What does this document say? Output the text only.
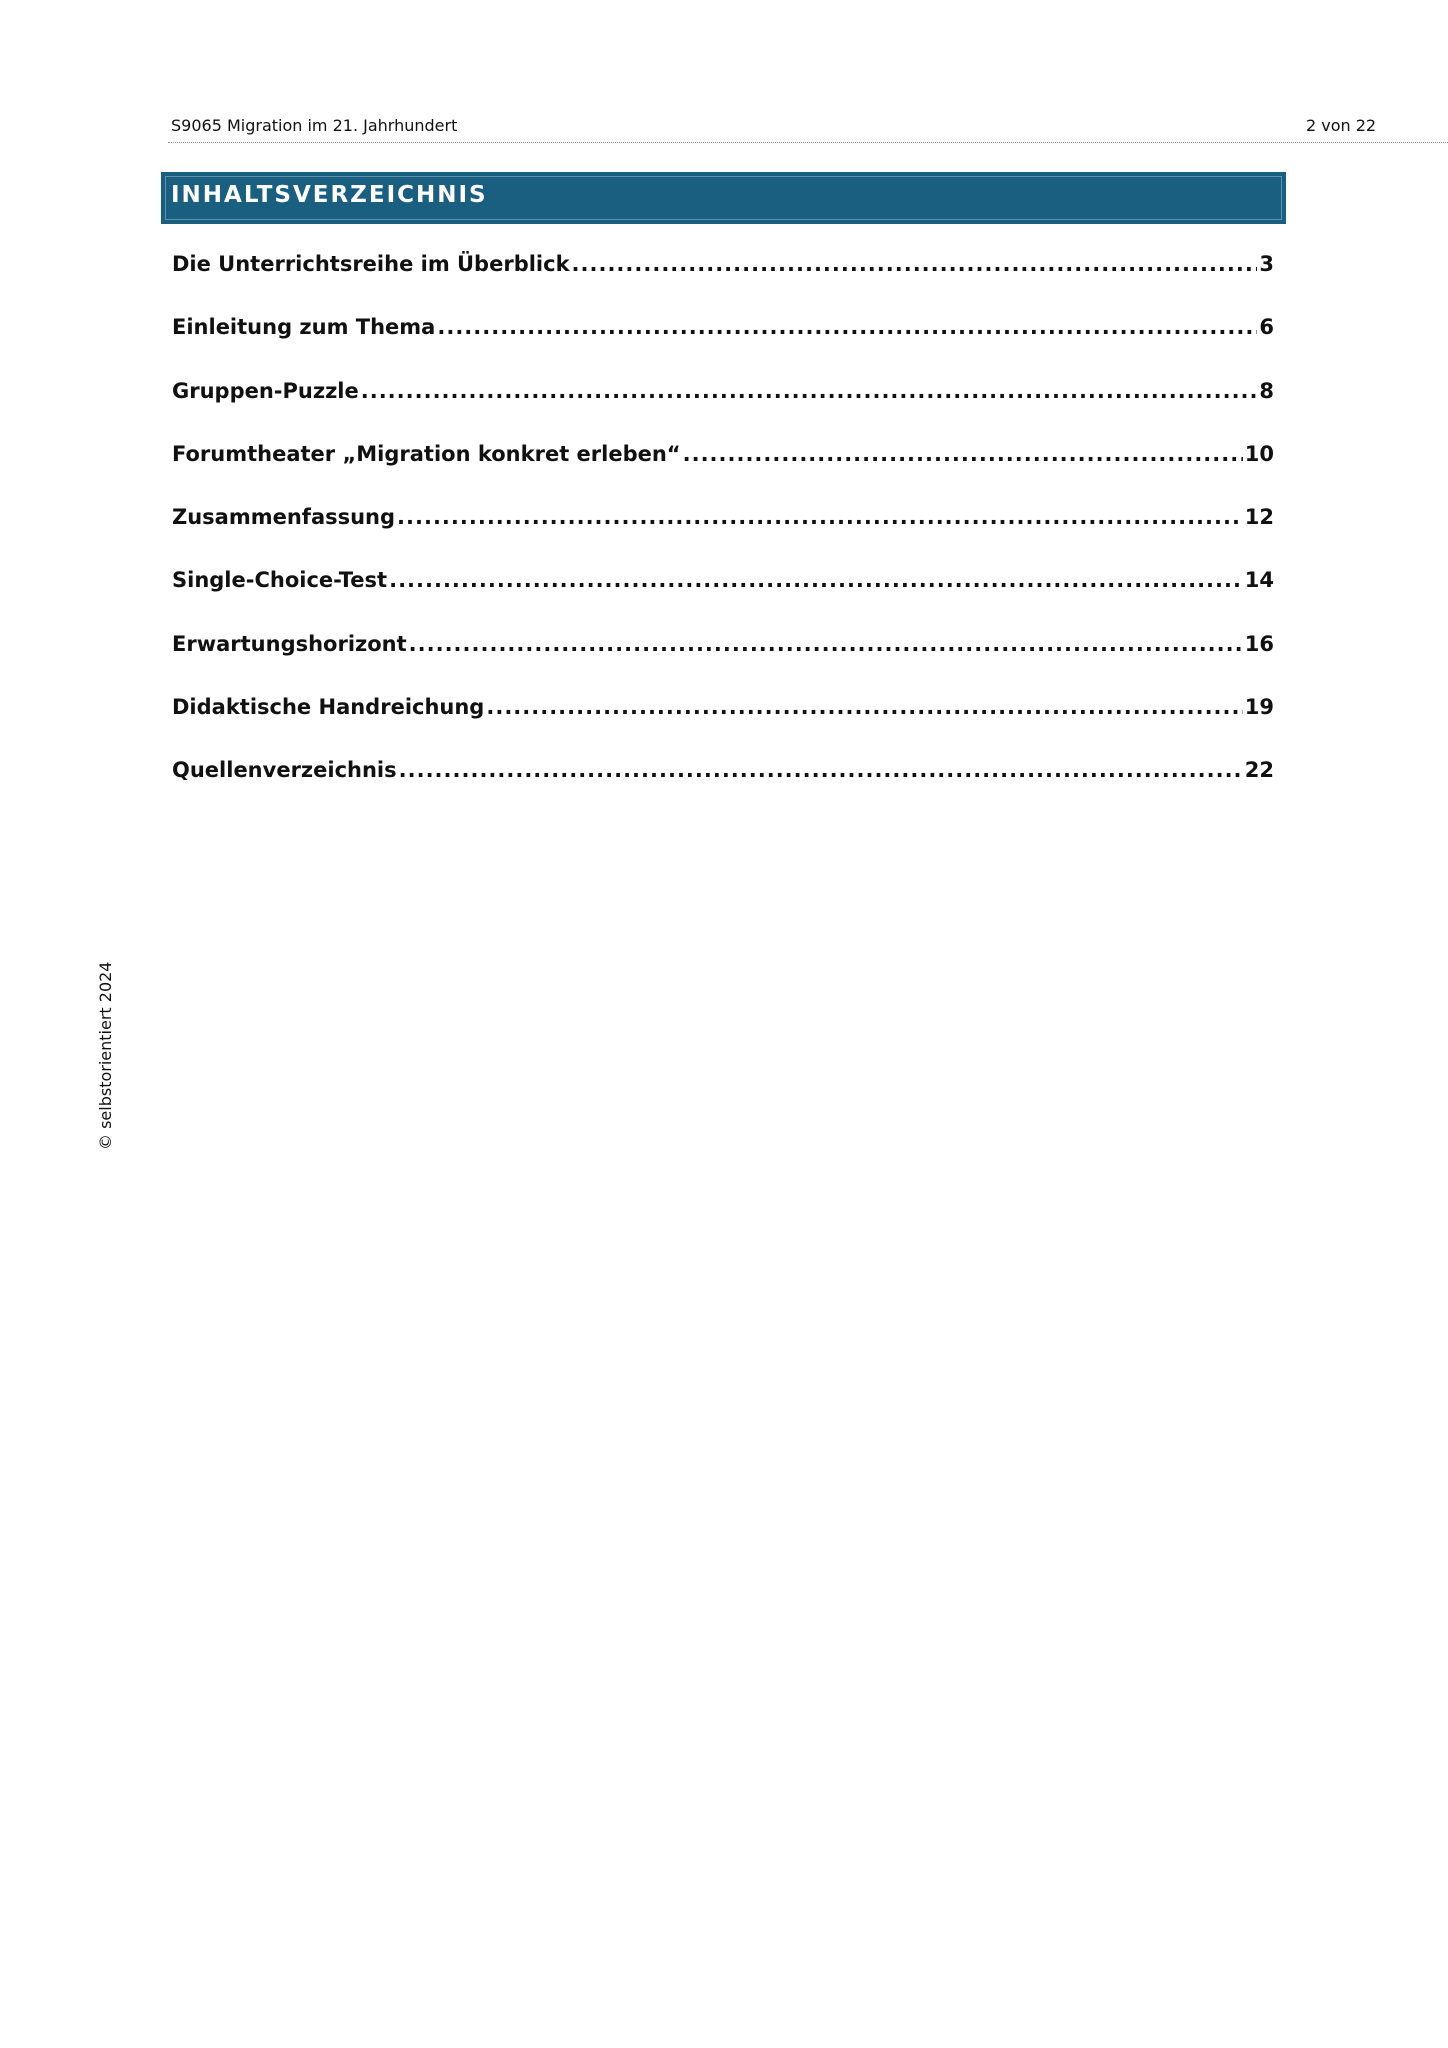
S9065 Migration im 21. Jahrhundert	2 von 22
INHALTSVERZEICHNIS
Die Unterrichtsreihe im Überblick .....	3
Einleitung zum Thema .....	6
Gruppen-Puzzle .....	8
Forumtheater „Migration konkret erleben“ .....	10
Zusammenfassung .....	12
Single-Choice-Test .....	14
Erwartungshorizont .....	16
Didaktische Handreichung .....	19
Quellenverzeichnis .....	22
© selbstorientiert 2024
